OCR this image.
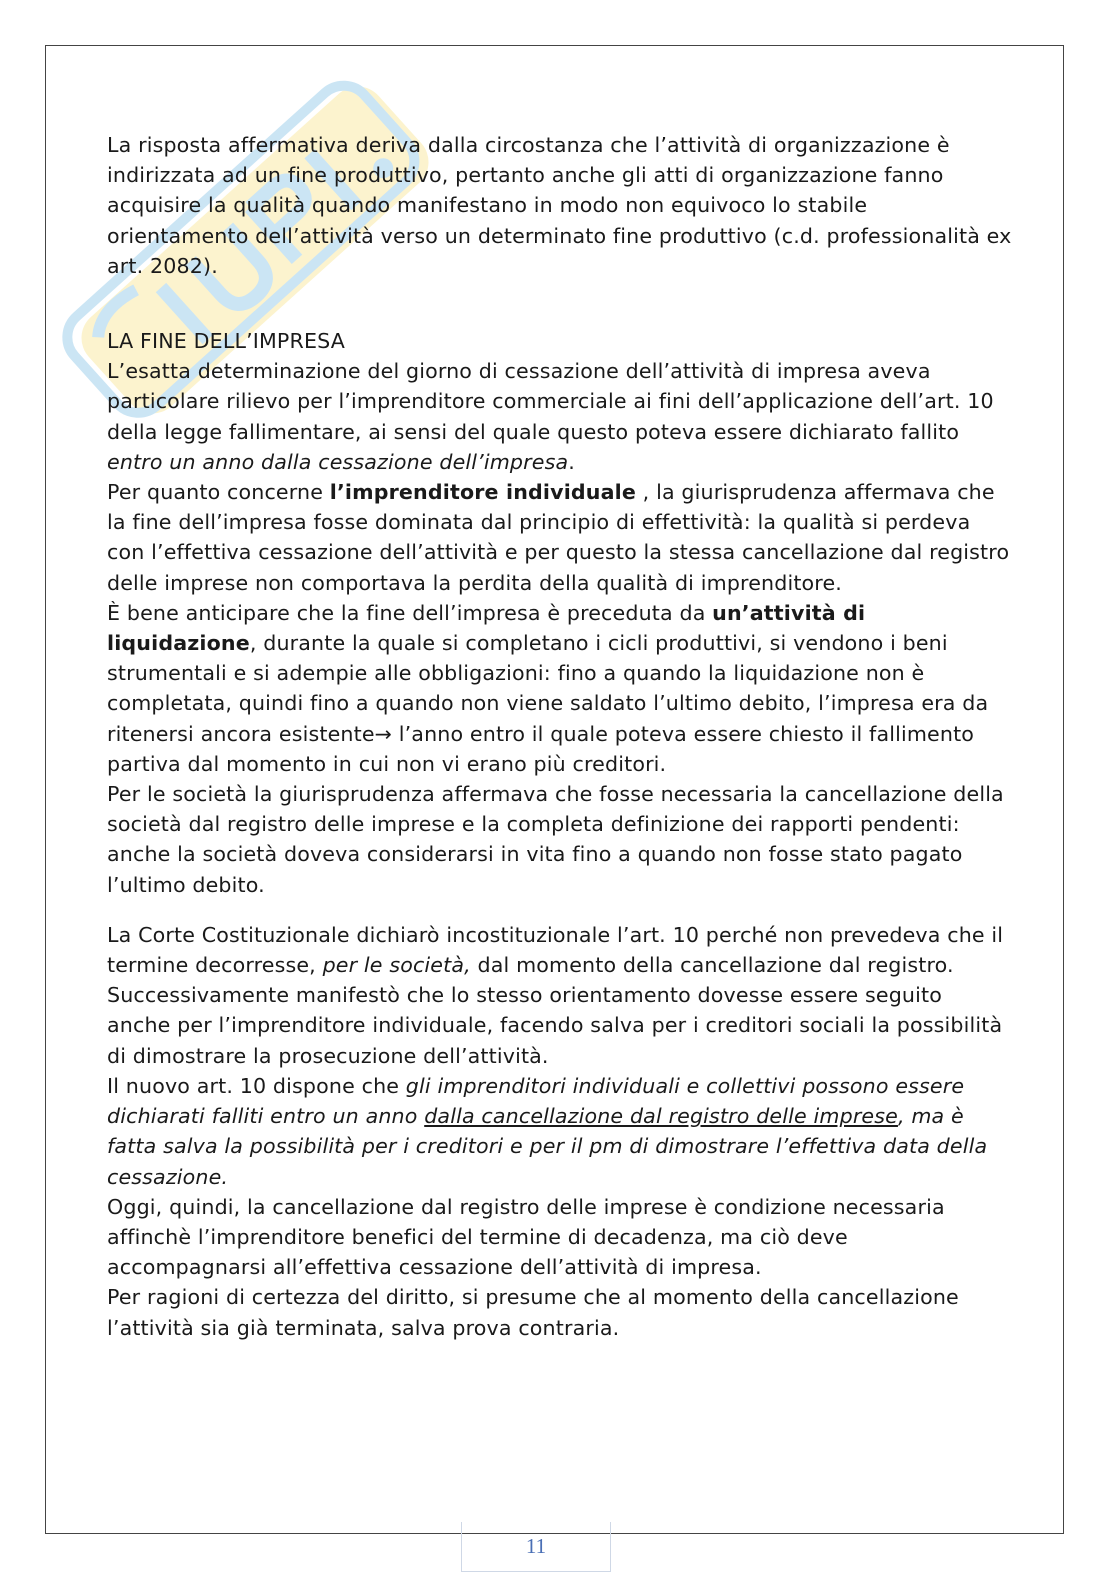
La risposta affermativa deriva dalla circostanza che l’attività di organizzazione è indirizzata ad un fine produttivo, pertanto anche gli atti di organizzazione fanno acquisire la qualità quando manifestano in modo non equivoco lo stabile orientamento dell’attività verso un determinato fine produttivo (c.d. professionalità ex art. 2082).

LA FINE DELL’IMPRESA

L’esatta determinazione del giorno di cessazione dell’attività di impresa aveva particolare rilievo per l’imprenditore commerciale ai fini dell’applicazione dell’art. 10 della legge fallimentare, ai sensi del quale questo poteva essere dichiarato fallito entro un anno dalla cessazione dell’impresa.

Per quanto concerne l’imprenditore individuale , la giurisprudenza affermava che la fine dell’impresa fosse dominata dal principio di effettività: la qualità si perdeva con l’effettiva cessazione dell’attività e per questo la stessa cancellazione dal registro delle imprese non comportava la perdita della qualità di imprenditore.

È bene anticipare che la fine dell’impresa è preceduta da un’attività di liquidazione, durante la quale si completano i cicli produttivi, si vendono i beni strumentali e si adempie alle obbligazioni: fino a quando la liquidazione non è completata, quindi fino a quando non viene saldato l’ultimo debito, l’impresa era da ritenersi ancora esistente→ l’anno entro il quale poteva essere chiesto il fallimento partiva dal momento in cui non vi erano più creditori.

Per le società la giurisprudenza affermava che fosse necessaria la cancellazione della società dal registro delle imprese e la completa definizione dei rapporti pendenti: anche la società doveva considerarsi in vita fino a quando non fosse stato pagato l’ultimo debito.

La Corte Costituzionale dichiarò incostituzionale l’art. 10 perché non prevedeva che il termine decorresse, per le società, dal momento della cancellazione dal registro.

Successivamente manifestò che lo stesso orientamento dovesse essere seguito anche per l’imprenditore individuale, facendo salva per i creditori sociali la possibilità di dimostrare la prosecuzione dell’attività.

Il nuovo art. 10 dispone che gli imprenditori individuali e collettivi possono essere dichiarati falliti entro un anno dalla cancellazione dal registro delle imprese, ma è fatta salva la possibilità per i creditori e per il pm di dimostrare l’effettiva data della cessazione.

Oggi, quindi, la cancellazione dal registro delle imprese è condizione necessaria affinchè l’imprenditore benefici del termine di decadenza, ma ciò deve accompagnarsi all’effettiva cessazione dell’attività di impresa.

Per ragioni di certezza del diritto, si presume che al momento della cancellazione l’attività sia già terminata, salva prova contraria.

11
